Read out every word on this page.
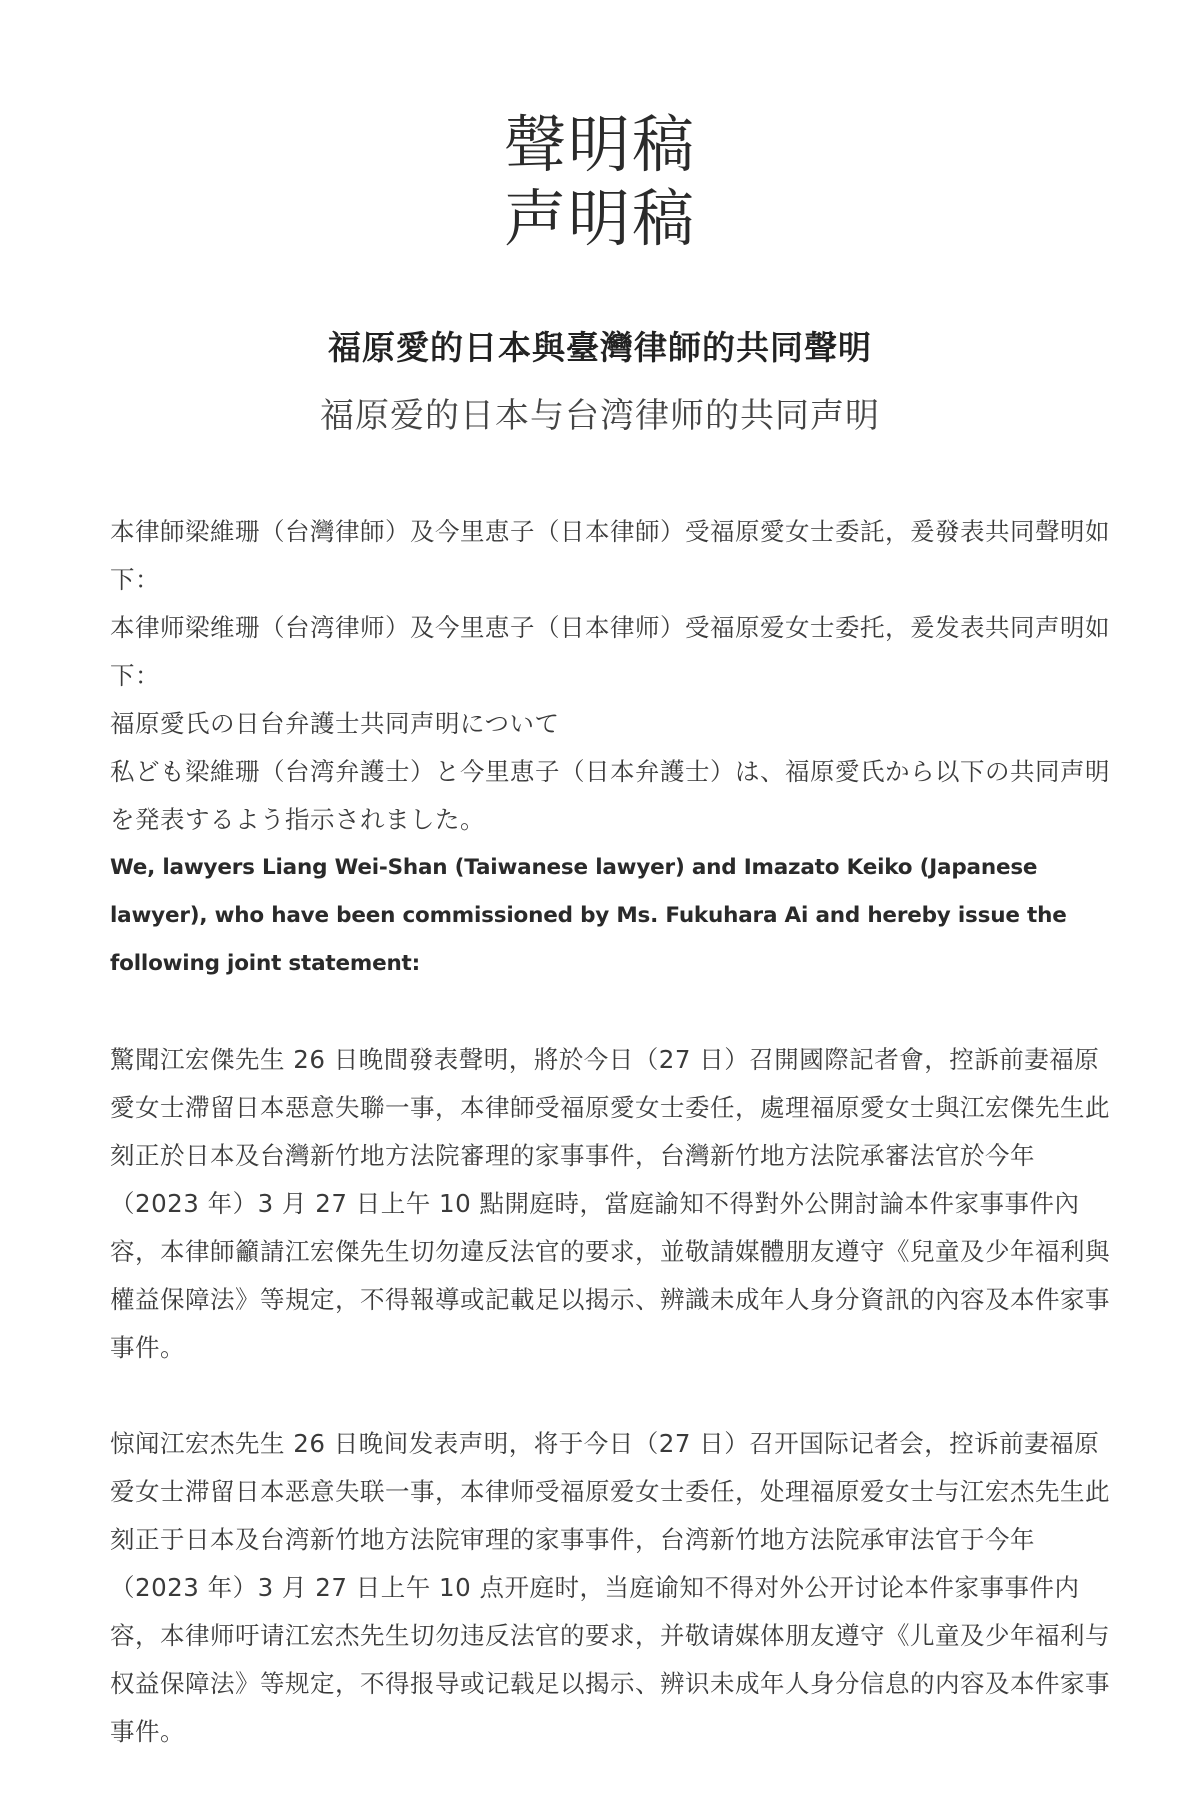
聲明稿
声明稿
福原愛的日本與臺灣律師的共同聲明
福原爱的日本与台湾律师的共同声明

本律師梁維珊（台灣律師）及今里恵子（日本律師）受福原愛女士委託，爰發表共同聲明如下：

本律师梁维珊（台湾律师）及今里恵子（日本律师）受福原爱女士委托，爰发表共同声明如下：

福原愛氏の日台弁護士共同声明について

私ども梁維珊（台湾弁護士）と今里恵子（日本弁護士）は、福原愛氏から以下の共同声明を発表するよう指示されました。

We, lawyers Liang Wei-Shan (Taiwanese lawyer) and Imazato Keiko (Japanese lawyer), who have been commissioned by Ms. Fukuhara Ai and hereby issue the following joint statement:

驚聞江宏傑先生 26 日晚間發表聲明，將於今日（27 日）召開國際記者會，控訴前妻福原愛女士滯留日本惡意失聯一事，本律師受福原愛女士委任，處理福原愛女士與江宏傑先生此刻正於日本及台灣新竹地方法院審理的家事事件，台灣新竹地方法院承審法官於今年（2023 年）3 月 27 日上午 10 點開庭時，當庭諭知不得對外公開討論本件家事事件內容，本律師籲請江宏傑先生切勿違反法官的要求，並敬請媒體朋友遵守《兒童及少年福利與權益保障法》等規定，不得報導或記載足以揭示、辨識未成年人身分資訊的內容及本件家事事件。

惊闻江宏杰先生 26 日晚间发表声明，将于今日（27 日）召开国际记者会，控诉前妻福原爱女士滞留日本恶意失联一事，本律师受福原爱女士委任，处理福原爱女士与江宏杰先生此刻正于日本及台湾新竹地方法院审理的家事事件，台湾新竹地方法院承审法官于今年（2023 年）3 月 27 日上午 10 点开庭时，当庭谕知不得对外公开讨论本件家事事件内容，本律师吁请江宏杰先生切勿违反法官的要求，并敬请媒体朋友遵守《儿童及少年福利与权益保障法》等规定，不得报导或记载足以揭示、辨识未成年人身分信息的内容及本件家事事件。
